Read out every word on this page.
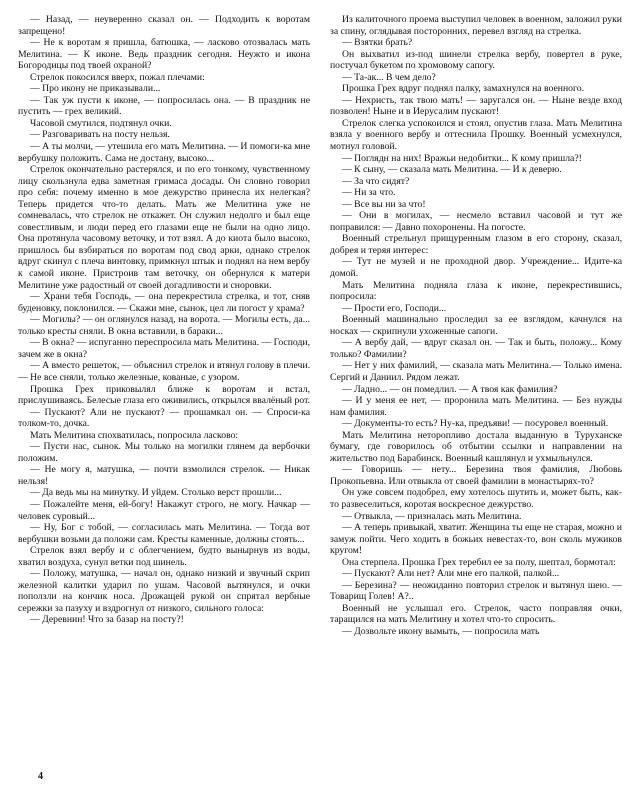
— Назад, — неуверенно сказал он. — Подходить к воротам запрещено!

— Не к воротам я пришла, батюшка, — ласково отозвалась мать Мелитина. — К иконе. Ведь праздник сегодня. Неужто и икона Богородицы под твоей охраной?

Стрелок покосился вверх, пожал плечами:

— Про икону не приказывали...

— Так уж пусти к иконе, — попросилась она. — В праздник не пустить — грех великий.

Часовой смутился, подтянул очки.

— Разговаривать на посту нельзя.

— А ты молчи, — утешила его мать Мелитина. — И помоги-ка мне вербушку положить. Сама не достану, высоко...

Стрелок окончательно растерялся, и по его тонкому, чувственному лицу скользнула едва заметная гримаса досады. Он словно говорил про себя: почему именно в мое дежурство принесла их нелегкая? Теперь придется что-то делать. Мать же Мелитина уже не сомневалась, что стрелок не откажет. Он служил недолго и был еще совестливым, и люди перед его глазами еще не были на одно лицо. Она протянула часовому веточку, и тот взял. А до киота было высоко, пришлось бы взбираться по воротам под свод арки, однако стрелок вдруг скинул с плеча винтовку, примкнул штык и поднял на нем вербу к самой иконе. Пристроив там веточку, он обернулся к матери Мелитине уже радостный от своей догадливости и сноровки.

— Храни тебя Господь, — она перекрестила стрелка, и тот, сняв буденовку, поклонился. — Скажи мне, сынок, цел ли погост у храма?

— Могилы? — он оглянулся назад, на ворота. — Могилы есть, да... только кресты сняли. В окна вставили, в бараки...

— В окна? — испуганно переспросила мать Мелитина. — Господи, зачем же в окна?

— А вместо решеток, — объяснил стрелок и втянул голову в плечи. — Не все сняли, только железные, кованые, с узором.

Прошка Грех приковылял ближе к воротам и встал, прислушиваясь. Белесые глаза его оживились, открылся ввалёный рот.

— Пускают? Али не пускают? — прошамкал он. — Спроси-ка толком-то, дочка.

Мать Мелитина спохватилась, попросила ласково:

— Пусти нас, сынок. Мы только на могилки глянем да вербочки положим.

— Не могу я, матушка, — почти взмолился стрелок. — Никак нельзя!

— Да ведь мы на минутку. И уйдем. Столько верст прошли...

— Пожалейте меня, ей-богу! Накажут строго, не могу. Начкар — человек суровый...

— Ну, Бог с тобой, — согласилась мать Мелитина. — Тогда вот вербушки возьми да положи сам. Кресты каменные, должны стоять...

Стрелок взял вербу и с облегчением, будто вынырнув из воды, хватил воздуха, сунул ветки под шинель.

— Положу, матушка, — начал он, однако низкий и звучный скрип железной калитки ударил по ушам. Часовой вытянулся, и очки поползли на кончик носа. Дрожащей рукой он спрятал вербные сережки за пазуху и вздрогнул от низкого, сильного голоса:

— Деревнин! Что за базар на посту?!

Из калиточного проема выступил человек в военном, заложил руки за спину, оглядывая посторонних, перевел взгляд на стрелка.

— Взятки брать?

Он выхватил из-под шинели стрелка вербу, повертел в руке, постучал букетом по хромовому сапогу.

— Та-ак... В чем дело?

Прошка Грех вдруг поднял палку, замахнулся на военного.

— Нехристь, так твою мать! — заругался он. — Ныне везде вход позволен! Ныне и в Иерусалим пускают!

Стрелок слегка успокоился и стоял, опустив глаза. Мать Мелитина взяла у военного вербу и оттеснила Прошку. Военный усмехнулся, мотнул головой.

— Поглядн на них! Вражьи недобитки... К кому пришла?!

— К сыну, — сказала мать Мелитина. — И к деверю.

— За что сидят?

— Ни за что.

— Все вы ни за что!

— Они в могилах, — несмело вставил часовой и тут же поправился: — Давно похоронены. На погосте.

Военный стрельнул прищуренным глазом в его сторону, сказал, добрея и теряя интерес:

— Тут не музей и не проходной двор. Учреждение... Идите-ка домой.

Мать Мелитина подняла глаза к иконе, перекрестившись, попросила:

— Прости его, Господи...

Военный машинально проследил за ее взглядом, качнулся на носках — скрипнули ухоженные сапоги.

— А вербу дай, — вдруг сказал он. — Так и быть, положу... Кому только? Фамилии?

— Нет у них фамилий, — сказала мать Мелитина.— Только имена. Сергий и Даниил. Рядом лежат.

— Ладно... — он помедлил. — А твоя как фамилия?

— И у меня ее нет, — проронила мать Мелитина. — Без нужды нам фамилия.

— Документы-то есть? Ну-ка, предъяви! — посуровел военный.

Мать Мелитина неторопливо достала выданную в Туруханске бумагу, где говорилось об отбытии ссылки и направлении на жительство под Барабинск. Военный кашлянул и ухмыльнулся.

— Говоришь — нету... Березина твоя фамилия, Любовь Прокопьевна. Или отвыкла от своей фамилии в монастырях-то?

Он уже совсем подобрел, ему хотелось шутить и, может быть, как-то развеселиться, коротая воскресное дежурство.

— Отвыкла, — призналась мать Мелитина.

— А теперь привыкай, хватит. Женщина ты еще не старая, можно и замуж пойти. Чего ходить в божьих невестах-то, вон сколь мужиков кругом!

Она стерпела. Прошка Грех теребил ее за полу, шептал, бормотал:

— Пускают? Али нет? Али мне его палкой, палкой...

— Березина? — неожиданно повторил стрелок и вытянул шею. — Товарищ Голев! А?..

Военный не услышал его. Стрелок, часто поправляя очки, таращился на мать Мелитину и хотел что-то спросить.

— Дозвольте икону вымыть, — попросила мать

4
